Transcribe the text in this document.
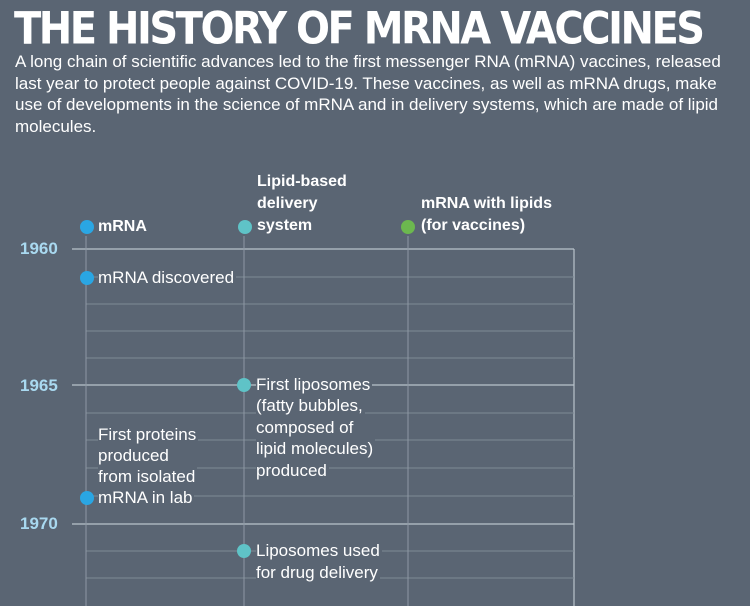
THE HISTORY OF MRNA VACCINES
A long chain of scientific advances led to the first messenger RNA (mRNA) vaccines, released last year to protect people against COVID-19. These vaccines, as well as mRNA drugs, make use of developments in the science of mRNA and in delivery systems, which are made of lipid molecules.
mRNA
Lipid-based
delivery
system
mRNA with lipids
(for vaccines)
1960
1965
1970
mRNA discovered
First liposomes
(fatty bubbles,
composed of
lipid molecules)
produced
First proteins
produced
from isolated
mRNA in lab
Liposomes used
for drug delivery
